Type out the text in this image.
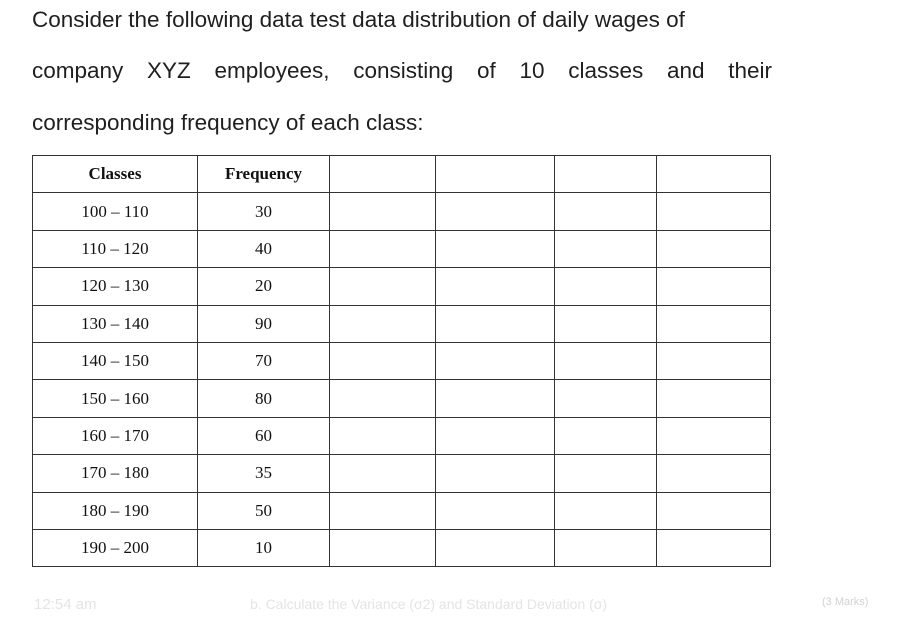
Consider the following data test data distribution of daily wages of
company XYZ employees, consisting of 10 classes and their
corresponding frequency of each class:
Classes	Frequency				
100 – 110	30				
110 – 120	40				
120 – 130	20				
130 – 140	90				
140 – 150	70				
150 – 160	80				
160 – 170	60				
170 – 180	35				
180 – 190	50				
190 – 200	10				
12:54 am	b. Calculate the Variance (σ2) and Standard Deviation (σ)	(3 Marks)
